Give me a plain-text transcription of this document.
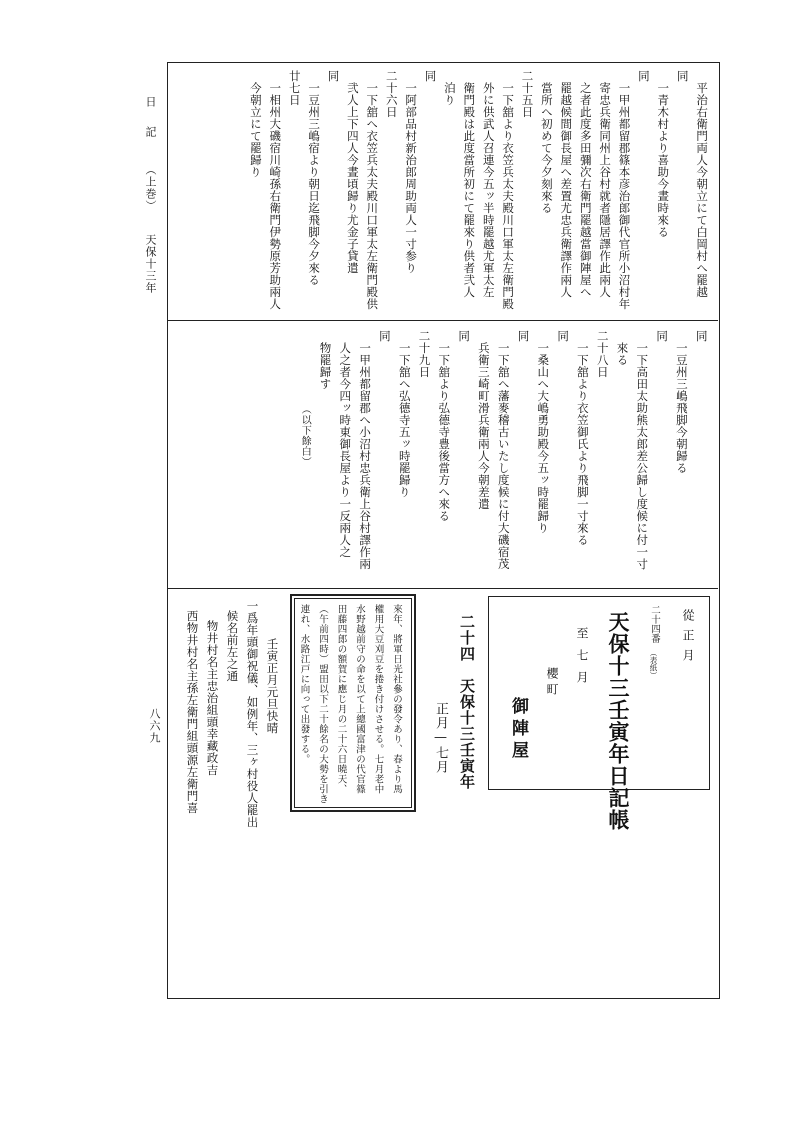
日
記
（上巻）
天保十三年
八六九
平治右衛門両人今朝立にて白岡村へ罷越
同
一青木村より喜助今晝時來る
同
一甲州都留郡篠本彦治郎御代官所小沼村年
寄忠兵衛同州上谷村就者隱居譯作此兩人
之者此度多田彌次右衛門罷越當御陣屋へ
罷越候間御長屋へ差置尤忠兵衛譯作兩人
當所へ初めて今夕刻來る
二十五日
一下舘より衣笠兵太夫殿川口軍太左衛門殿
外に供武人召連今五ッ半時罷越尤軍太左
衛門殿は此度當所初にて罷來り供者弐人
泊り
同
一阿部品村新治郎周助両人一寸参り
二十六日
一下舘へ衣笠兵太夫殿川口軍太左衛門殿供
弐人上下四人今晝頃歸り尤金子貸遣
同
一豆州三嶋宿より朝日迄飛脚今夕來る
廿七日
一相州大磯宿川崎孫右衛門伊勢原芳助兩人
今朝立にて罷歸り
同
一豆州三嶋飛脚今朝歸る
同
一下高田太助熊太郎差公歸し度候に付一寸
來る
二十八日
一下舘より衣笠御氏より飛脚一寸來る
同
一桑山へ大嶋勇助殿今五ッ時罷歸り
同
一下舘へ藩麥稽古いたし度候に付大磯宿茂
兵衛三崎町滑兵衛兩人今朝差遣
同
一下舘より弘德寺豊後當方へ來る
二十九日
一下舘へ弘德寺五ッ時罷歸り
同
一甲州都留郡へ小沼村忠兵衛上谷村譯作兩
人之者今四ッ時東御長屋より一反兩人之
物罷歸す
（以下餘白）
從正月
二十四番
（表紙）
天保十三壬寅年日記帳
至七月
櫻町
御陣屋
二十四　天保十三壬寅年
正月—七月
來年、將軍日光社參の發令あり、春より馬
權用大豆刈豆を捲き付けさせる。七月老中
水野越前守の命を以て上總國富津の代官篠
田藤四郎の額賀に應じ月の二十六日曉天、
（午前四時）盟田以下二十餘名の大勢を引き
連れ、水路江戸に向って出發する。
壬寅正月元旦快晴
一爲年頭御祝儀、如例年、三ヶ村役人罷出
候名前左之通
物井村名主忠治組頭幸藏政吉
西物井村名主孫左衛門組頭源左衛門喜
